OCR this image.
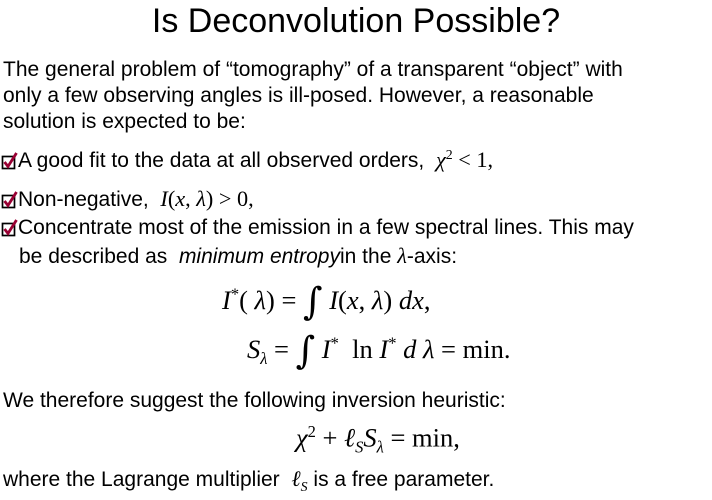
Is Deconvolution Possible?
The general problem of “tomography” of a transparent “object” with
only a few observing angles is ill-posed. However, a reasonable
solution is expected to be:
A good fit to the data at all observed orders,  $\chi^2 < 1$,
Non-negative,  I(x, λ) > 0,
Concentrate most of the emission in a few spectral lines. This may
be described as  minimum entropyin the λ-axis:
I*( λ) = ∫ I(x, λ) dx,
$S_\lambda$ = ∫ I*  ln I* d λ = min.
We therefore suggest the following inversion heuristic:
$\chi^2$ + $\ell_SS_\lambda = \min$,
where the Lagrange multiplier  ℓ$_S$ is a free parameter.
